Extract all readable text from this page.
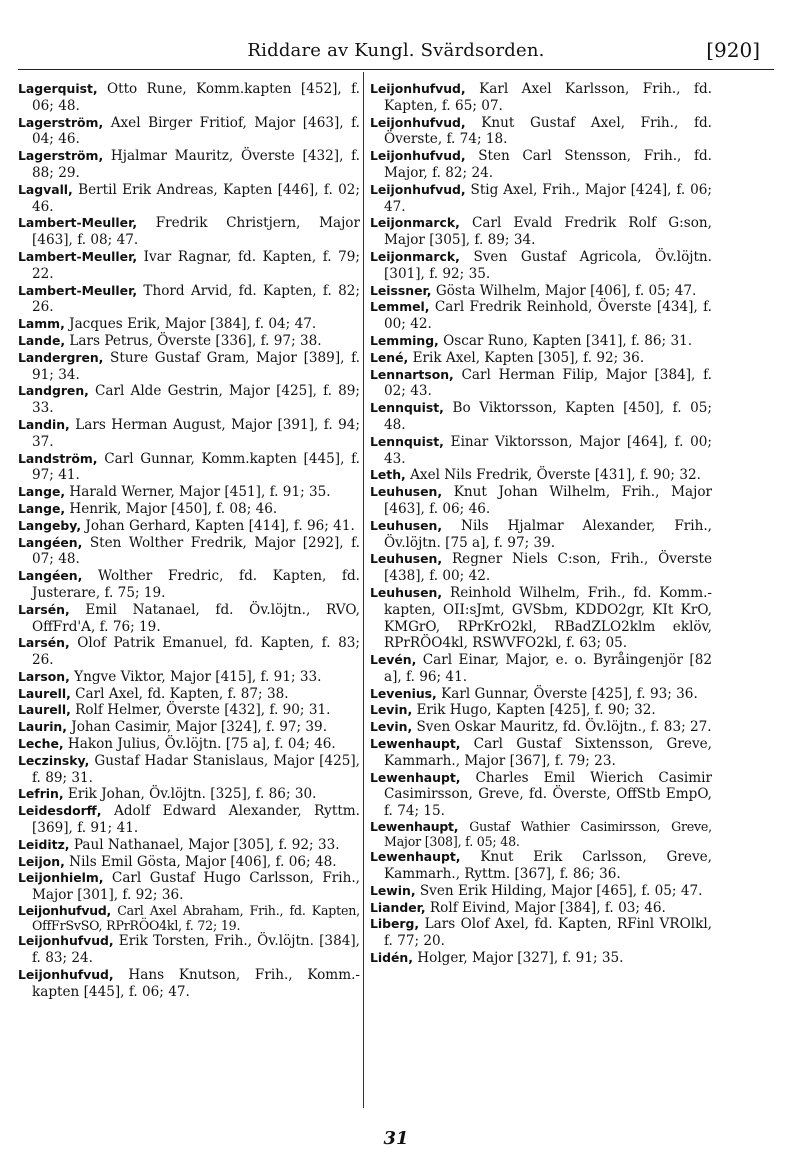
Riddare av Kungl. Svärdsorden.	[920]

Lagerquist, Otto Rune, Komm.kapten [452], f. 06; 48.

Lagerström, Axel Birger Fritiof, Major [463], f. 04; 46.

Lagerström, Hjalmar Mauritz, Överste [432], f. 88; 29.

Lagvall, Bertil Erik Andreas, Kapten [446], f. 02; 46.

Lambert-Meuller, Fredrik Christjern, Major [463], f. 08; 47.

Lambert-Meuller, Ivar Ragnar, fd. Kapten, f. 79; 22.

Lambert-Meuller, Thord Arvid, fd. Kapten, f. 82; 26.

Lamm, Jacques Erik, Major [384], f. 04; 47.

Lande, Lars Petrus, Överste [336], f. 97; 38.

Landergren, Sture Gustaf Gram, Major [389], f. 91; 34.

Landgren, Carl Alde Gestrin, Major [425], f. 89; 33.

Landin, Lars Herman August, Major [391], f. 94; 37.

Landström, Carl Gunnar, Komm.kapten [445], f. 97; 41.

Lange, Harald Werner, Major [451], f. 91; 35.

Lange, Henrik, Major [450], f. 08; 46.

Langeby, Johan Gerhard, Kapten [414], f. 96; 41.

Langéen, Sten Wolther Fredrik, Major [292], f. 07; 48.

Langéen, Wolther Fredric, fd. Kapten, fd. Justerare, f. 75; 19.

Larsén, Emil Natanael, fd. Öv.löjtn., RVO, OffFrd'A, f. 76; 19.

Larsén, Olof Patrik Emanuel, fd. Kapten, f. 83; 26.

Larson, Yngve Viktor, Major [415], f. 91; 33.

Laurell, Carl Axel, fd. Kapten, f. 87; 38.

Laurell, Rolf Helmer, Överste [432], f. 90; 31.

Laurin, Johan Casimir, Major [324], f. 97; 39.

Leche, Hakon Julius, Öv.löjtn. [75 a], f. 04; 46.

Leczinsky, Gustaf Hadar Stanislaus, Major [425], f. 89; 31.

Lefrin, Erik Johan, Öv.löjtn. [325], f. 86; 30.

Leidesdorff, Adolf Edward Alexander, Ryttm. [369], f. 91; 41.

Leiditz, Paul Nathanael, Major [305], f. 92; 33.

Leijon, Nils Emil Gösta, Major [406], f. 06; 48.

Leijonhielm, Carl Gustaf Hugo Carlsson, Frih., Major [301], f. 92; 36.

Leijonhufvud, Carl Axel Abraham, Frih., fd. Kapten, OffFrSvSO, RPrRÖO4kl, f. 72; 19.

Leijonhufvud, Erik Torsten, Frih., Öv.löjtn. [384], f. 83; 24.

Leijonhufvud, Hans Knutson, Frih., Komm.-kapten [445], f. 06; 47.

Leijonhufvud, Karl Axel Karlsson, Frih., fd. Kapten, f. 65; 07.

Leijonhufvud, Knut Gustaf Axel, Frih., fd. Överste, f. 74; 18.

Leijonhufvud, Sten Carl Stensson, Frih., fd. Major, f. 82; 24.

Leijonhufvud, Stig Axel, Frih., Major [424], f. 06; 47.

Leijonmarck, Carl Evald Fredrik Rolf G:son, Major [305], f. 89; 34.

Leijonmarck, Sven Gustaf Agricola, Öv.löjtn. [301], f. 92; 35.

Leissner, Gösta Wilhelm, Major [406], f. 05; 47.

Lemmel, Carl Fredrik Reinhold, Överste [434], f. 00; 42.

Lemming, Oscar Runo, Kapten [341], f. 86; 31.

Lené, Erik Axel, Kapten [305], f. 92; 36.

Lennartson, Carl Herman Filip, Major [384], f. 02; 43.

Lennquist, Bo Viktorsson, Kapten [450], f. 05; 48.

Lennquist, Einar Viktorsson, Major [464], f. 00; 43.

Leth, Axel Nils Fredrik, Överste [431], f. 90; 32.

Leuhusen, Knut Johan Wilhelm, Frih., Major [463], f. 06; 46.

Leuhusen, Nils Hjalmar Alexander, Frih., Öv.löjtn. [75 a], f. 97; 39.

Leuhusen, Regner Niels C:son, Frih., Överste [438], f. 00; 42.

Leuhusen, Reinhold Wilhelm, Frih., fd. Komm.-kapten, OII:sJmt, GVSbm, KDDO2gr, KIt KrO, KMGrO, RPrKrO2kl, RBadZLO2klm eklöv, RPrRÖO4kl, RSWVFO2kl, f. 63; 05.

Levén, Carl Einar, Major, e. o. Byråingenjör [82 a], f. 96; 41.

Levenius, Karl Gunnar, Överste [425], f. 93; 36.

Levin, Erik Hugo, Kapten [425], f. 90; 32.

Levin, Sven Oskar Mauritz, fd. Öv.löjtn., f. 83; 27.

Lewenhaupt, Carl Gustaf Sixtensson, Greve, Kammarh., Major [367], f. 79; 23.

Lewenhaupt, Charles Emil Wierich Casimir Casimirsson, Greve, fd. Överste, OffStb EmpO, f. 74; 15.

Lewenhaupt, Gustaf Wathier Casimirsson, Greve, Major [308], f. 05; 48.

Lewenhaupt, Knut Erik Carlsson, Greve, Kammarh., Ryttm. [367], f. 86; 36.

Lewin, Sven Erik Hilding, Major [465], f. 05; 47.

Liander, Rolf Eivind, Major [384], f. 03; 46.

Liberg, Lars Olof Axel, fd. Kapten, RFinl VROlkl, f. 77; 20.

Lidén, Holger, Major [327], f. 91; 35.

31
